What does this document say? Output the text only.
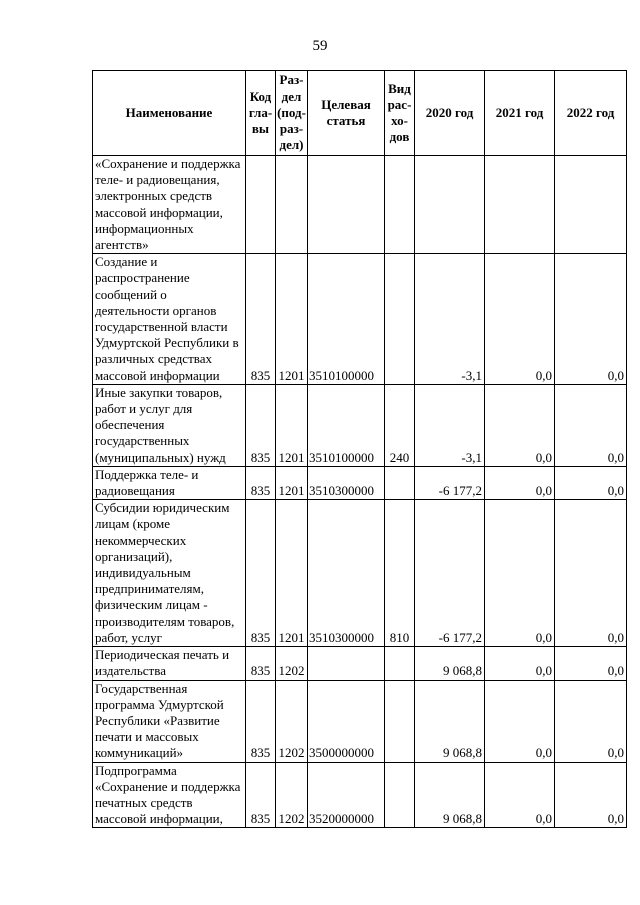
59
Наименование	Код гла-вы	Раз-дел (под-раз-дел)	Целевая статья	Вид рас-хо-дов	2020 год	2021 год	2022 год
«Сохранение и поддержка теле- и радиовещания, электронных средств массовой информации, информационных агентств»							
Создание и распространение сообщений о деятельности органов государственной власти Удмуртской Республики в различных средствах массовой информации	835	1201	3510100000		-3,1	0,0	0,0
Иные закупки товаров, работ и услуг для обеспечения государственных (муниципальных) нужд	835	1201	3510100000	240	-3,1	0,0	0,0
Поддержка теле- и радиовещания	835	1201	3510300000		-6 177,2	0,0	0,0
Субсидии юридическим лицам (кроме некоммерческих организаций), индивидуальным предпринимателям, физическим лицам - производителям товаров, работ, услуг	835	1201	3510300000	810	-6 177,2	0,0	0,0
Периодическая печать и издательства	835	1202			9 068,8	0,0	0,0
Государственная программа Удмуртской Республики «Развитие печати и массовых коммуникаций»	835	1202	3500000000		9 068,8	0,0	0,0
Подпрограмма «Сохранение и поддержка печатных средств массовой информации,	835	1202	3520000000		9 068,8	0,0	0,0
